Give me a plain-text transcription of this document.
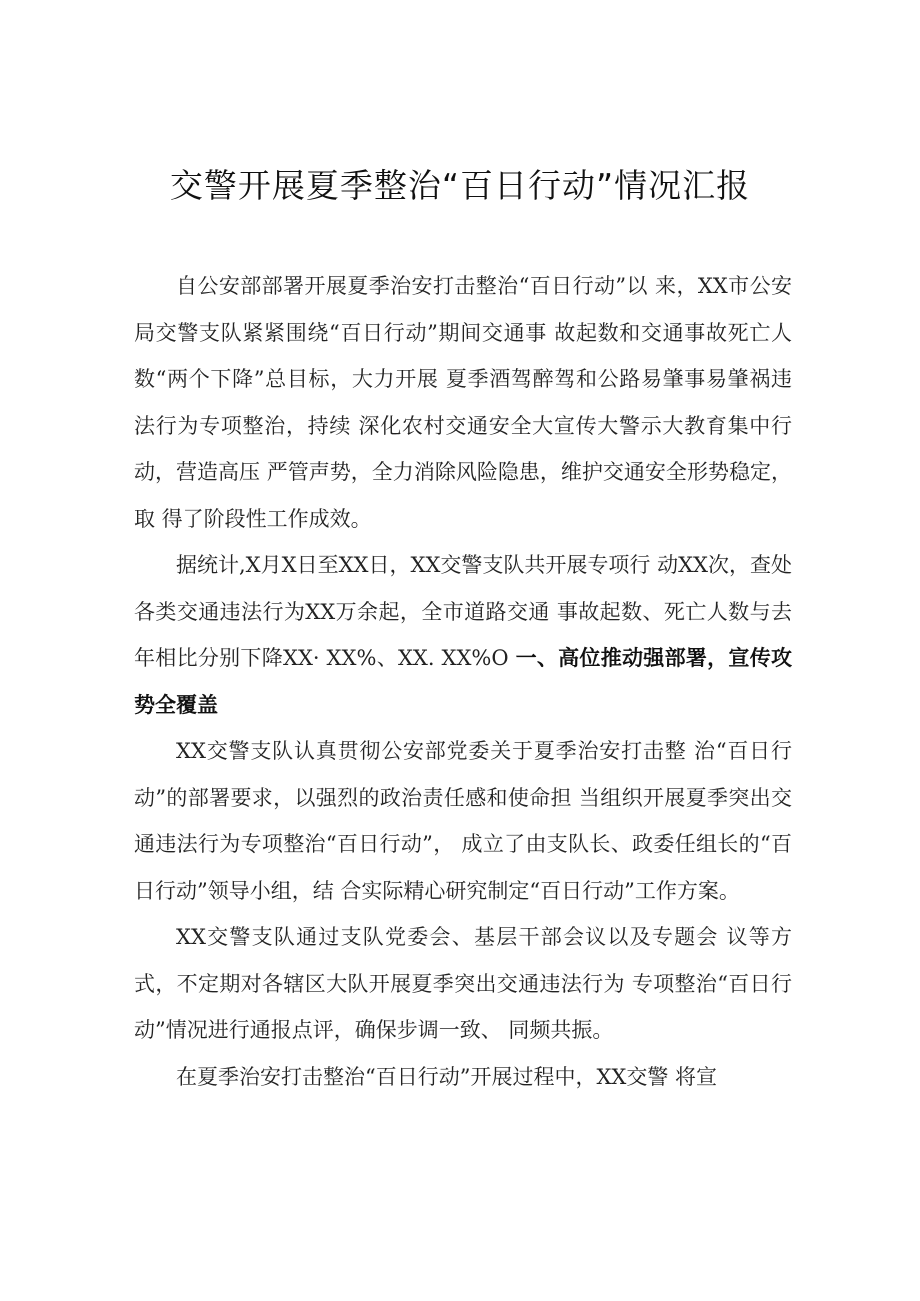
交警开展夏季整治“百日行动”情况汇报

自公安部部署开展夏季治安打击整治“百日行动”以 来，XX市公安局交警支队紧紧围绕“百日行动”期间交通事 故起数和交通事故死亡人数“两个下降”总目标，大力开展 夏季酒驾醉驾和公路易肇事易肇祸违法行为专项整治，持续 深化农村交通安全大宣传大警示大教育集中行动，营造高压 严管声势，全力消除风险隐患，维护交通安全形势稳定，取 得了阶段性工作成效。

据统计,X月X日至XX日，XX交警支队共开展专项行 动XX次，查处各类交通违法行为XX万余起，全市道路交通 事故起数、死亡人数与去年相比分别下降XX· XX%、XX. XX%O 一、高位推动强部署，宣传攻势全覆盖

XX交警支队认真贯彻公安部党委关于夏季治安打击整 治“百日行动”的部署要求，以强烈的政治责任感和使命担 当组织开展夏季突出交通违法行为专项整治“百日行动”， 成立了由支队长、政委任组长的“百日行动”领导小组，结 合实际精心研究制定“百日行动”工作方案。

XX交警支队通过支队党委会、基层干部会议以及专题会 议等方式，不定期对各辖区大队开展夏季突出交通违法行为 专项整治“百日行动”情况进行通报点评，确保步调一致、 同频共振。

在夏季治安打击整治“百日行动”开展过程中，XX交警 将宣
